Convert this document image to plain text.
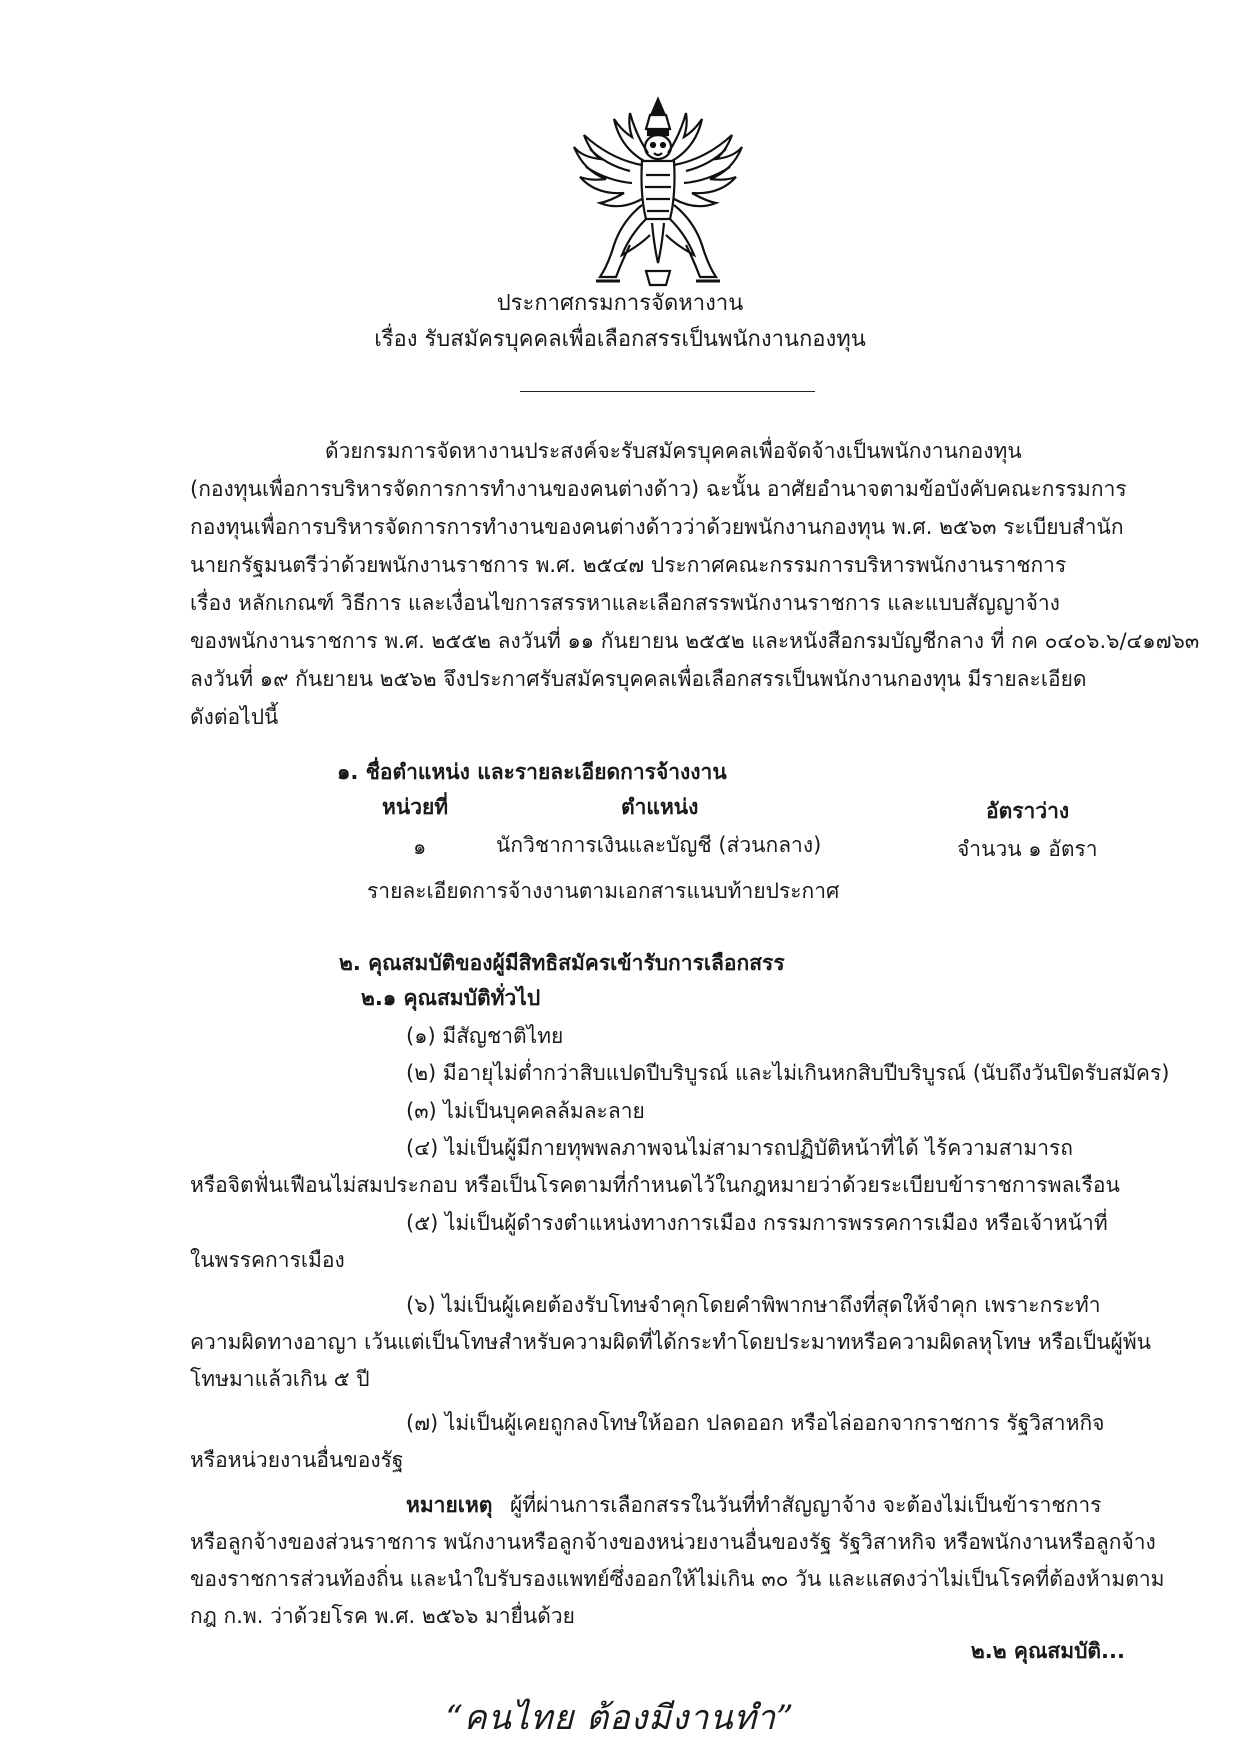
ประกาศกรมการจัดหางาน
เรื่อง รับสมัครบุคคลเพื่อเลือกสรรเป็นพนักงานกองทุน
ด้วยกรมการจัดหางานประสงค์จะรับสมัครบุคคลเพื่อจัดจ้างเป็นพนักงานกองทุน
(กองทุนเพื่อการบริหารจัดการการทำงานของคนต่างด้าว) ฉะนั้น อาศัยอำนาจตามข้อบังคับคณะกรรมการ
กองทุนเพื่อการบริหารจัดการการทำงานของคนต่างด้าวว่าด้วยพนักงานกองทุน พ.ศ. ๒๕๖๓ ระเบียบสำนัก
นายกรัฐมนตรีว่าด้วยพนักงานราชการ พ.ศ. ๒๕๔๗ ประกาศคณะกรรมการบริหารพนักงานราชการ
เรื่อง หลักเกณฑ์ วิธีการ และเงื่อนไขการสรรหาและเลือกสรรพนักงานราชการ และแบบสัญญาจ้าง
ของพนักงานราชการ พ.ศ. ๒๕๕๒ ลงวันที่ ๑๑ กันยายน ๒๕๕๒ และหนังสือกรมบัญชีกลาง ที่ กค ๐๔๐๖.๖/๔๑๗๖๓
ลงวันที่ ๑๙ กันยายน ๒๕๖๒ จึงประกาศรับสมัครบุคคลเพื่อเลือกสรรเป็นพนักงานกองทุน มีรายละเอียด
ดังต่อไปนี้
๑. ชื่อตำแหน่ง และรายละเอียดการจ้างงาน
หน่วยที่	ตำแหน่ง	อัตราว่าง
๑	นักวิชาการเงินและบัญชี (ส่วนกลาง)	จำนวน ๑ อัตรา
รายละเอียดการจ้างงานตามเอกสารแนบท้ายประกาศ
๒. คุณสมบัติของผู้มีสิทธิสมัครเข้ารับการเลือกสรร
๒.๑ คุณสมบัติทั่วไป
(๑) มีสัญชาติไทย
(๒) มีอายุไม่ต่ำกว่าสิบแปดปีบริบูรณ์ และไม่เกินหกสิบปีบริบูรณ์ (นับถึงวันปิดรับสมัคร)
(๓) ไม่เป็นบุคคลล้มละลาย
(๔) ไม่เป็นผู้มีกายทุพพลภาพจนไม่สามารถปฏิบัติหน้าที่ได้ ไร้ความสามารถ
หรือจิตฟั่นเฟือนไม่สมประกอบ หรือเป็นโรคตามที่กำหนดไว้ในกฎหมายว่าด้วยระเบียบข้าราชการพลเรือน
(๕) ไม่เป็นผู้ดำรงตำแหน่งทางการเมือง กรรมการพรรคการเมือง หรือเจ้าหน้าที่
ในพรรคการเมือง
(๖) ไม่เป็นผู้เคยต้องรับโทษจำคุกโดยคำพิพากษาถึงที่สุดให้จำคุก เพราะกระทำ
ความผิดทางอาญา เว้นแต่เป็นโทษสำหรับความผิดที่ได้กระทำโดยประมาทหรือความผิดลหุโทษ หรือเป็นผู้พ้น
โทษมาแล้วเกิน ๕ ปี
(๗) ไม่เป็นผู้เคยถูกลงโทษให้ออก ปลดออก หรือไล่ออกจากราชการ รัฐวิสาหกิจ
หรือหน่วยงานอื่นของรัฐ
หมายเหตุ ผู้ที่ผ่านการเลือกสรรในวันที่ทำสัญญาจ้าง จะต้องไม่เป็นข้าราชการ
หรือลูกจ้างของส่วนราชการ พนักงานหรือลูกจ้างของหน่วยงานอื่นของรัฐ รัฐวิสาหกิจ หรือพนักงานหรือลูกจ้าง
ของราชการส่วนท้องถิ่น และนำใบรับรองแพทย์ซึ่งออกให้ไม่เกิน ๓๐ วัน และแสดงว่าไม่เป็นโรคที่ต้องห้ามตาม
กฎ ก.พ. ว่าด้วยโรค พ.ศ. ๒๕๖๖ มายื่นด้วย
๒.๒ คุณสมบัติ...
“คนไทย ต้องมีงานทำ”
